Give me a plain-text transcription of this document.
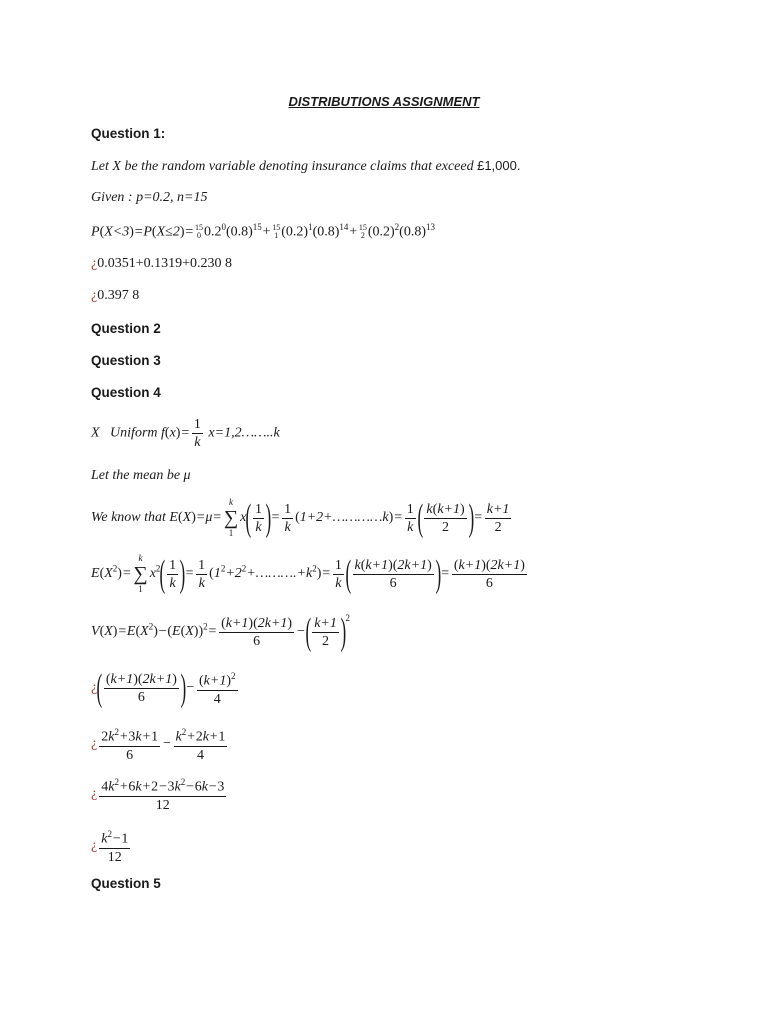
DISTRIBUTIONS ASSIGNMENT
Question 1:
Let X be the random variable denoting insurance claims that exceed £1,000.
Given : p=0.2, n=15
P(X<3)=P(X≤2)= 15
0 $0.2^0(0.8)^{15}+ 15$
1 $(0.2)^1(0.8)^{14}+ 15$
2 $(0.2)^2(0.8)^{13}$
¿0.0351+0.1319+0.230 8
¿0.397 8
Question 2
Question 3
Question 4
X   Uniform $f(x)= \frac{1}{k}$ x=1,2……..k
Let the mean be μ
We know that E(X)=μ=
k
∑
1
$x( \frac{1}{k}$ )= $\frac{1}{k}$ (1+2+…………k)= $\frac{1}{k}$ ( $\frac{k(k+1)}{2}$ )= $\frac{k+1}{2}$
$E(X^2)=$
k
∑
1
$x^2( \frac{1}{k}$ )= $\frac{1}{k}$ $(1^2+2^2+\dots\dots\dots.+k^2)= \frac{1}{k}$ ( $\frac{k(k+1)(2k+1)}{6}$ )= $\frac{(k+1)(2k+1)}{6}$
$V(X)=E(X^2)-(E(X))^2= \frac{(k+1)(2k+1)}{6}$ −( $\frac{k+1}{2} )^2$
¿( $\frac{(k+1)(2k+1)}{6}$ )− $\frac{(k+1)^2}{4}$
¿ $\frac{2k^2+3k+1}{6} - \frac{k^2+2k+1}{4}$
¿ $\frac{4k^2+6k+2-3k^2-6k-3}{12}$
¿ $\frac{k^2-1}{12}$
Question 5
